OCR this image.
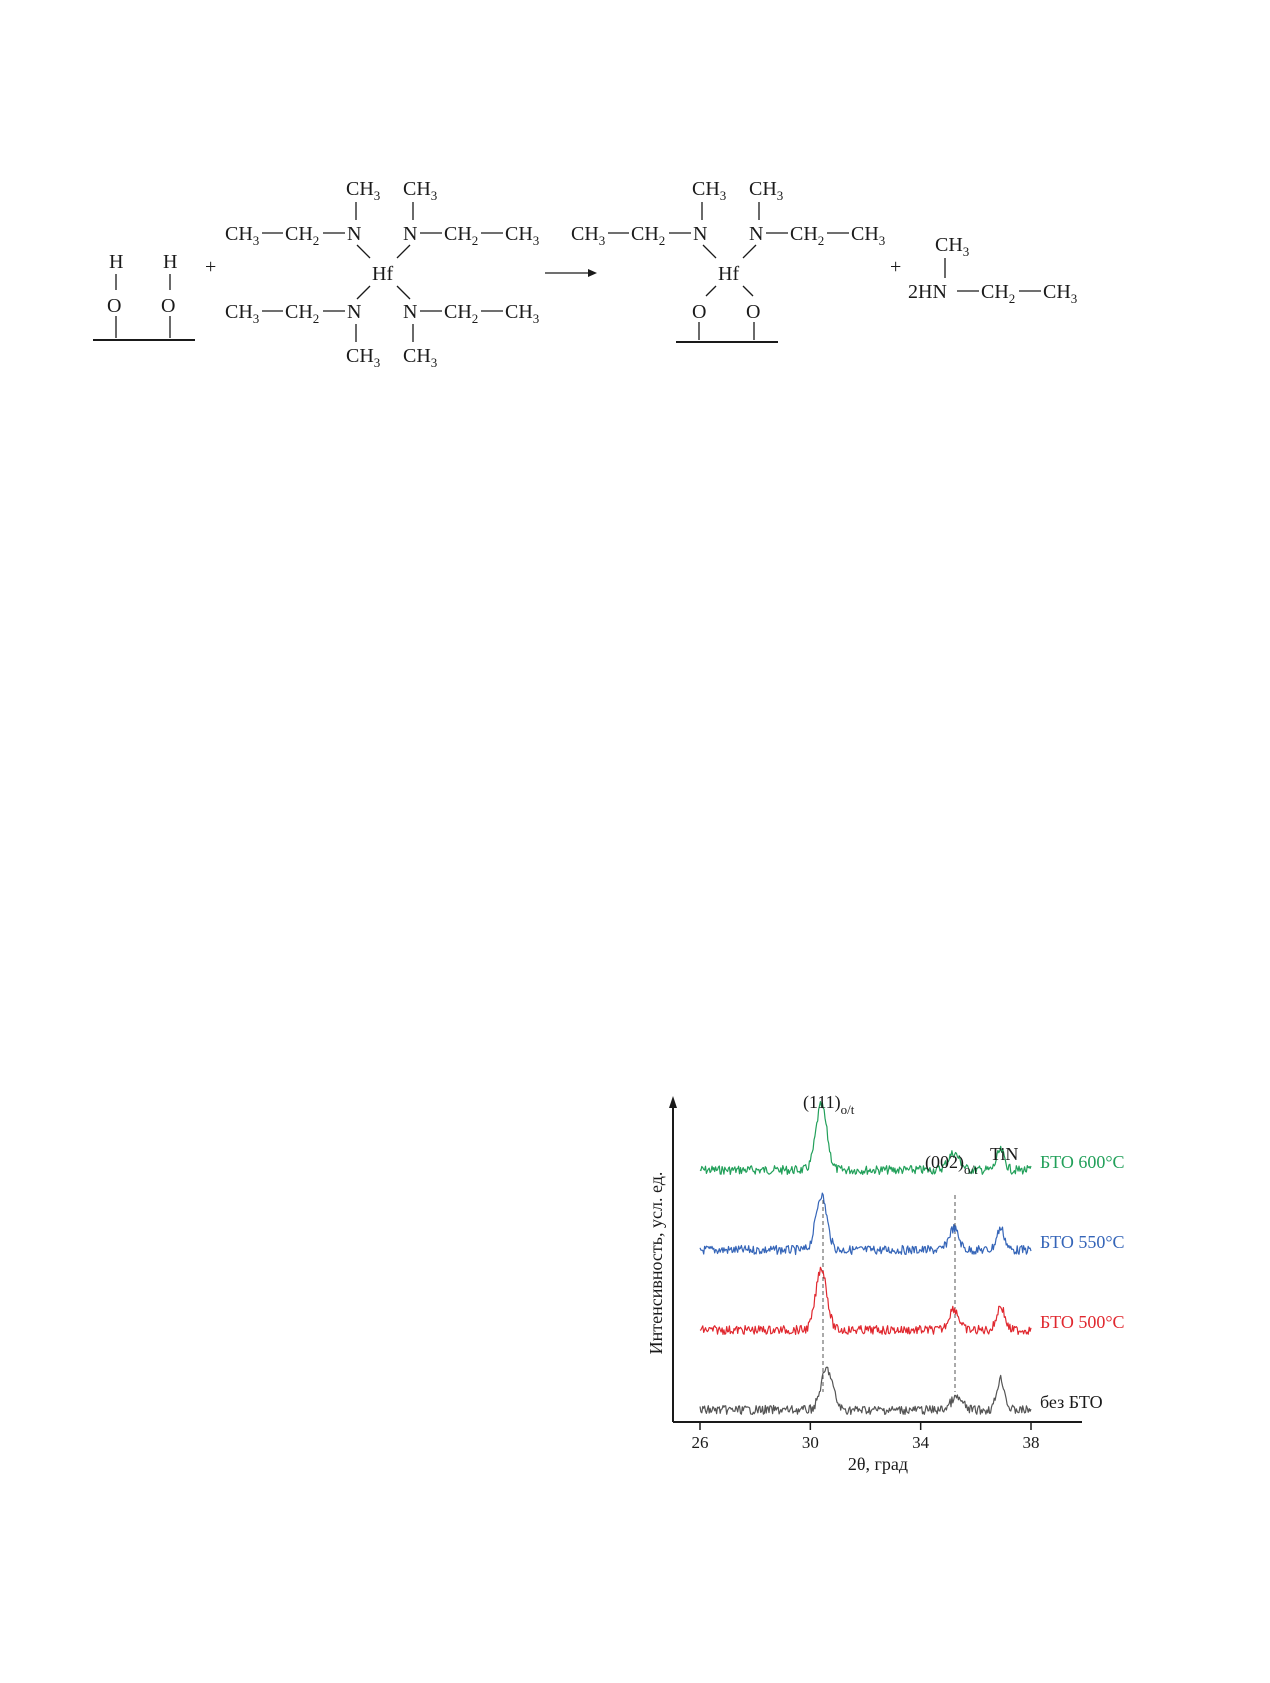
H H
O O
+
$CH_3$ $CH_3$
$CH_3$ $CH_2$ N N $CH_2$ $CH_3$
Hf
$CH_3$ $CH_2$ N N $CH_2$ $CH_3$
$CH_3$ $CH_3$
$CH_3$ $CH_3$
$CH_3$ $CH_2$ N N $CH_2$ $CH_3$
Hf
O O
+
$CH_3$
2HN $CH_2$ $CH_3$
26	30	34	38
2θ, град
Интенсивность, усл. ед.
БТО 600°C
БТО 550°C
БТО 500°C
без БТО
$(111)_{o/t}$
$(002)_{o/t}$
TiN
